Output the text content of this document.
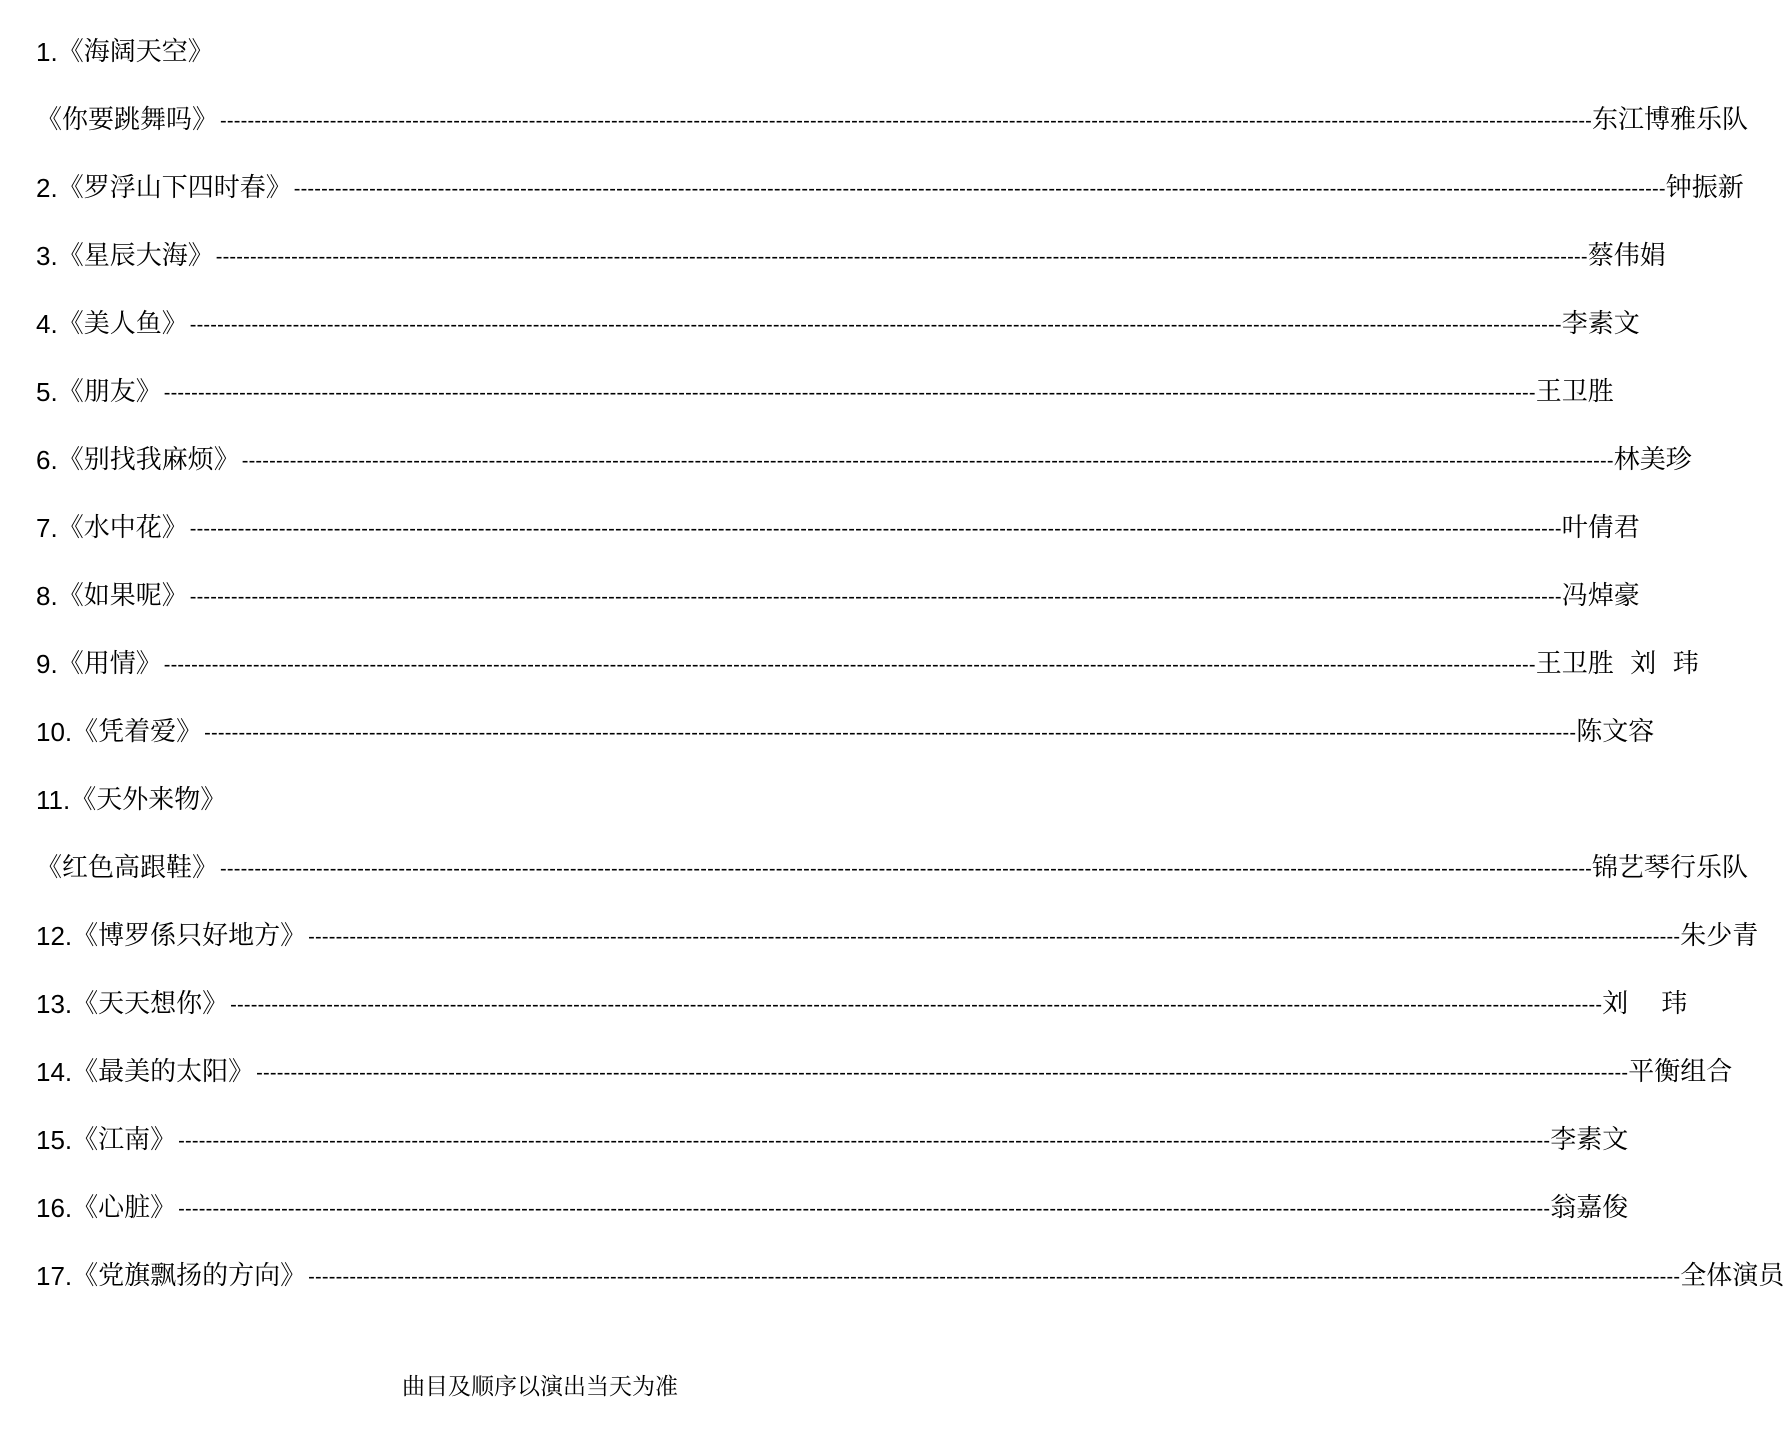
1. 《海阔天空》
《你要跳舞吗》 -------------------------------------------------------------------------------------------------------------------------------------------------------------------------------------------------------- 东江博雅乐队
2. 《罗浮山下四时春》 -------------------------------------------------------------------------------------------------------------------------------------------------------------------------------------------------------- 钟振新
3. 《星辰大海》 -------------------------------------------------------------------------------------------------------------------------------------------------------------------------------------------------------- 蔡伟娟
4. 《美人鱼》 -------------------------------------------------------------------------------------------------------------------------------------------------------------------------------------------------------- 李素文
5. 《朋友》 -------------------------------------------------------------------------------------------------------------------------------------------------------------------------------------------------------- 王卫胜
6. 《别找我麻烦》 -------------------------------------------------------------------------------------------------------------------------------------------------------------------------------------------------------- 林美珍
7. 《水中花》 -------------------------------------------------------------------------------------------------------------------------------------------------------------------------------------------------------- 叶倩君
8. 《如果呢》 -------------------------------------------------------------------------------------------------------------------------------------------------------------------------------------------------------- 冯焯豪
9. 《用情》 -------------------------------------------------------------------------------------------------------------------------------------------------------------------------------------------------------- 王卫胜  刘  玮
10. 《凭着爱》 -------------------------------------------------------------------------------------------------------------------------------------------------------------------------------------------------------- 陈文容
11. 《天外来物》
《红色高跟鞋》 -------------------------------------------------------------------------------------------------------------------------------------------------------------------------------------------------------- 锦艺琴行乐队
12. 《博罗係只好地方》 -------------------------------------------------------------------------------------------------------------------------------------------------------------------------------------------------------- 朱少青
13. 《天天想你》 -------------------------------------------------------------------------------------------------------------------------------------------------------------------------------------------------------- 刘    玮
14. 《最美的太阳》 -------------------------------------------------------------------------------------------------------------------------------------------------------------------------------------------------------- 平衡组合
15. 《江南》 -------------------------------------------------------------------------------------------------------------------------------------------------------------------------------------------------------- 李素文
16. 《心脏》 -------------------------------------------------------------------------------------------------------------------------------------------------------------------------------------------------------- 翁嘉俊
17. 《党旗飘扬的方向》 -------------------------------------------------------------------------------------------------------------------------------------------------------------------------------------------------------- 全体演员
曲目及顺序以演出当天为准
